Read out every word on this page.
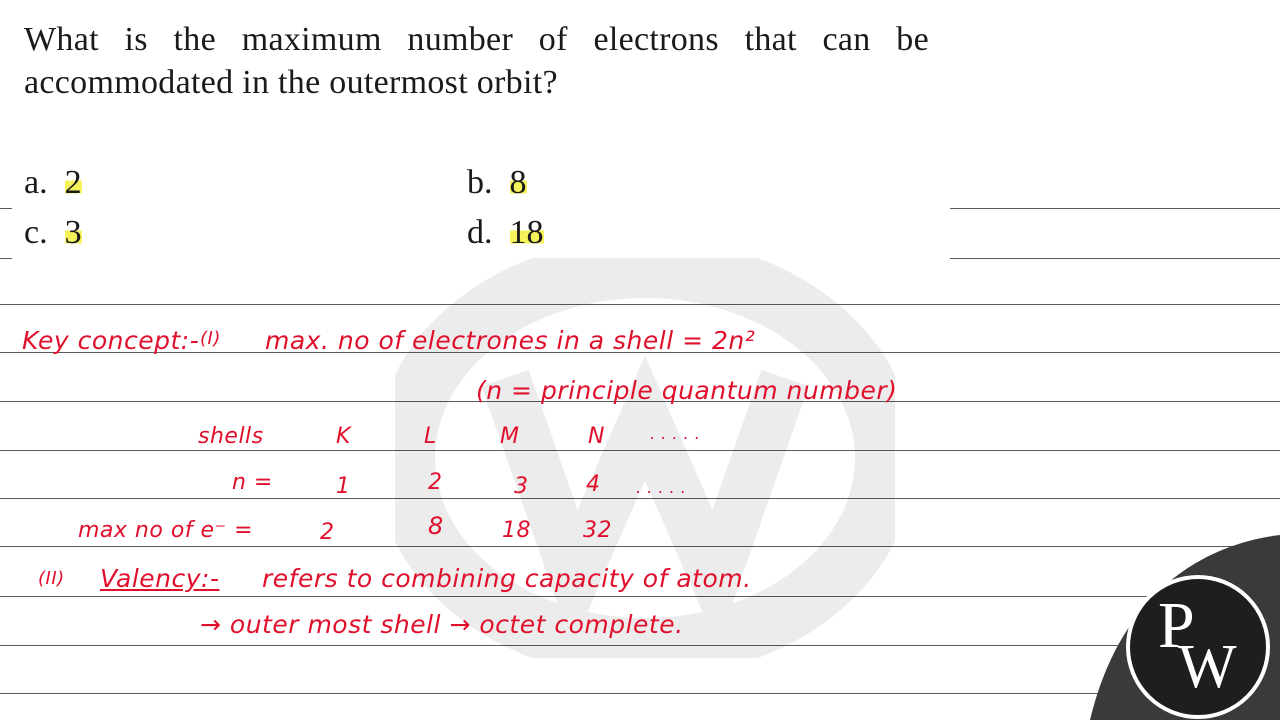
What is the maximum number of electrons that can be accommodated in the outermost orbit?
a. 2	b. 8
c. 3	d. 18
Key concept:- (I) max. no of electrones in a shell = 2n²
(n = principle quantum number)
shells	K	L	M	N	. . . . .
n =	1	2	3	4 . . . . .
max no of e⁻ =	2	8	18 32
(II) Valency:- refers to combining capacity of atom.
→ outer most shell → octet complete.	P
W
